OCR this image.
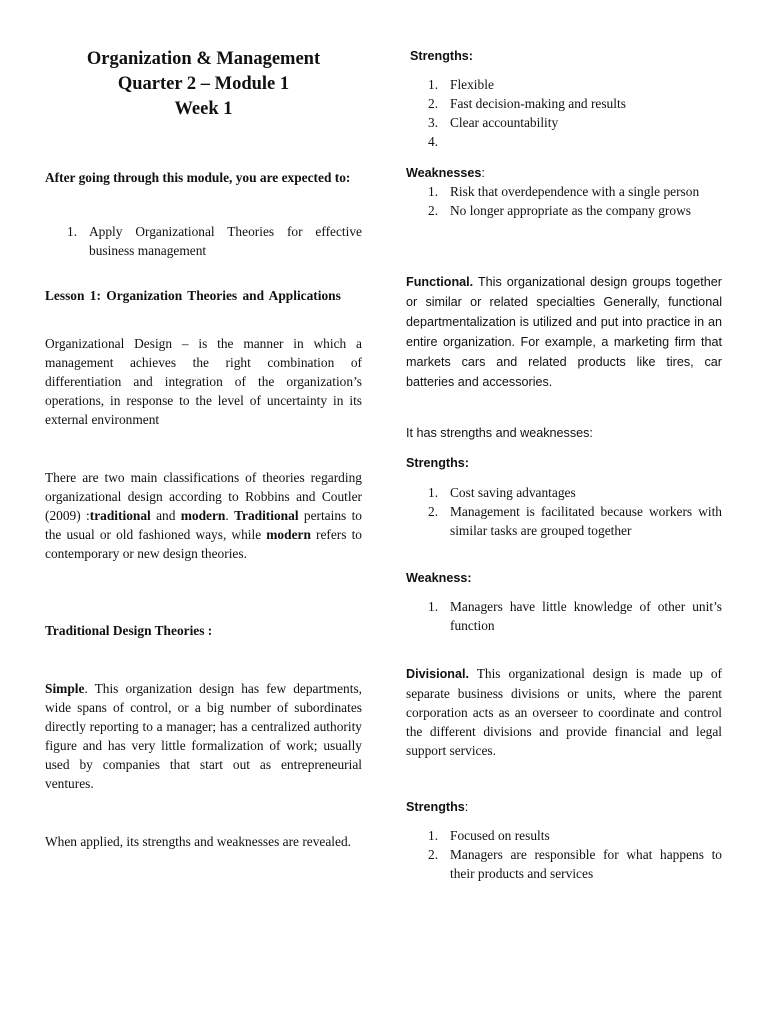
Organization & Management
Quarter 2 – Module 1
Week 1
After going through this module, you are expected to:
1. Apply Organizational Theories for effective business management
Lesson 1: Organization Theories and Applications
Organizational Design – is the manner in which a management achieves the right combination of differentiation and integration of the organization’s operations, in response to the level of uncertainty in its external environment
There are two main classifications of theories regarding organizational design according to Robbins and Coutler (2009) :traditional and modern. Traditional pertains to the usual or old fashioned ways, while modern refers to contemporary or new design theories.
Traditional Design Theories :
Simple. This organization design has few departments, wide spans of control, or a big number of subordinates directly reporting to a manager; has a centralized authority figure and has very little formalization of work; usually used by companies that start out as entrepreneurial ventures.
When applied, its strengths and weaknesses are revealed.
Strengths:
1. Flexible
2. Fast decision-making and results
3. Clear accountability
4.
Weaknesses:
1. Risk that overdependence with a single person
2. No longer appropriate as the company grows
Functional. This organizational design groups together or similar or related specialties Generally, functional departmentalization is utilized and put into practice in an entire organization. For example, a marketing firm that markets cars and related products like tires, car batteries and accessories.
It has strengths and weaknesses:
Strengths:
1. Cost saving advantages
2. Management is facilitated because workers with similar tasks are grouped together
Weakness:
1. Managers have little knowledge of other unit’s function
Divisional. This organizational design is made up of separate business divisions or units, where the parent corporation acts as an overseer to coordinate and control the different divisions and provide financial and legal support services.
Strengths:
1. Focused on results
2. Managers are responsible for what happens to their products and services
